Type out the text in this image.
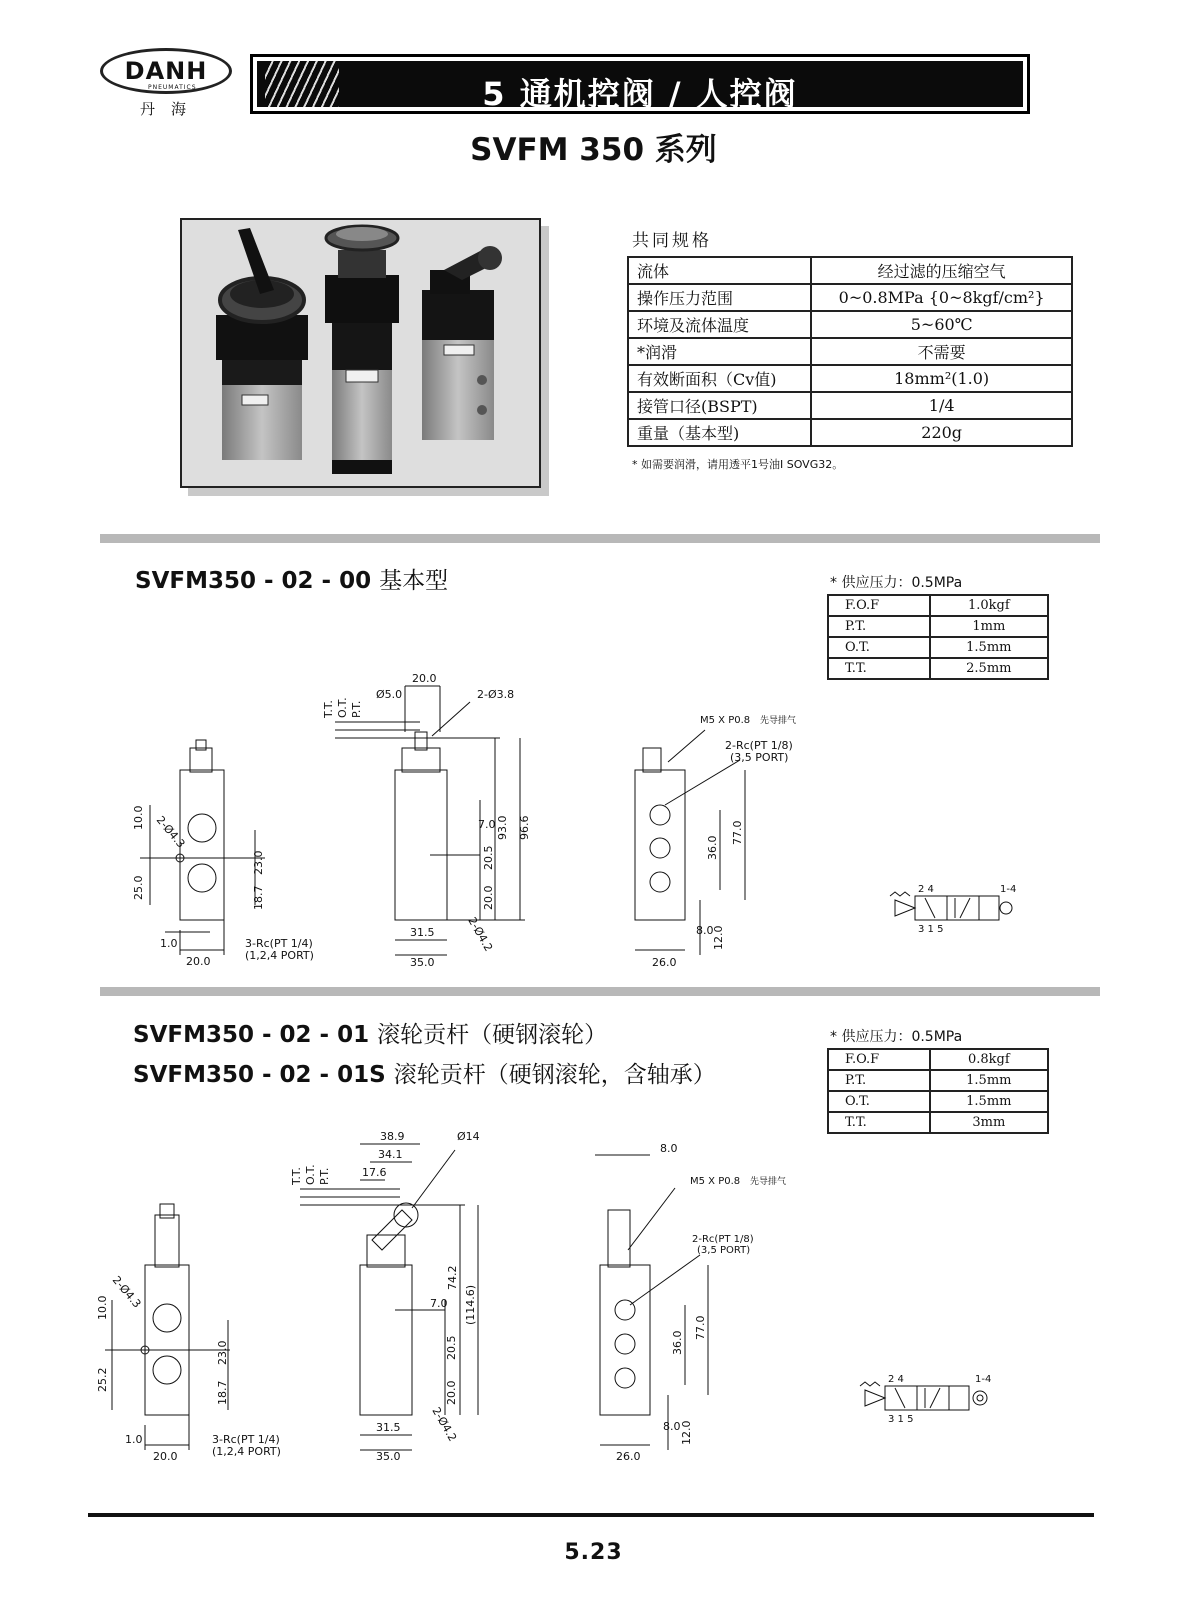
DANH
PNEUMATICS
丹海	5 通机控阀 / 人控阀
SVFM 350 系列
共同规格
流体	经过滤的压缩空气
操作压力范围	0~0.8MPa {0~8kgf/cm²}
环境及流体温度	5~60℃
*润滑	不需要
有效断面积（Cv值)	18mm²(1.0)
接管口径(BSPT)	1/4
重量（基本型)	220g
* 如需要润滑，请用透平1号油I SOVG32。
SVFM350 - 02 - 00 基本型	* 供应压力：0.5MPa
F.O.F	1.0kgf
P.T.	1mm
O.T.	1.5mm
T.T.	2.5mm
20.0
Ø5.0	2-Ø3.8
T.T. O.T. P.T.
M5 X P0.8 先导排气
2-Rc(PT 1/8)
(3,5 PORT)
10.0 2-Ø4.3
23.0
25.0	18.7
1.0
20.0
3-Rc(PT 1/4)
(1,2,4 PORT)
7.0
20.5
20.0
93.0 96.6
31.5
35.0
2-Ø4.2
36.0
77.0
8.0
12.0
26.0
2 4
3 1 5
1-4
SVFM350 - 02 - 01 滚轮贡杆（硬钢滚轮）
SVFM350 - 02 - 01S 滚轮贡杆（硬钢滚轮，含轴承）
* 供应压力：0.5MPa
F.O.F	0.8kgf
P.T.	1.5mm
O.T.	1.5mm
T.T.	3mm
38.9
34.1
17.6
Ø14
T.T. O.T. P.T.
8.0
M5 X P0.8 先导排气
2-Rc(PT 1/8)
(3,5 PORT)
2-Ø4.3
10.0
23.0
25.2
18.7
1.0
20.0
3-Rc(PT 1/4)
(1,2,4 PORT)
74.2
(114.6)
7.0
20.5
20.0
31.5
35.0
2-Ø4.2
36.0
77.0
8.0 12.0
26.0
2 4
3 1 5
1-4
5.23
